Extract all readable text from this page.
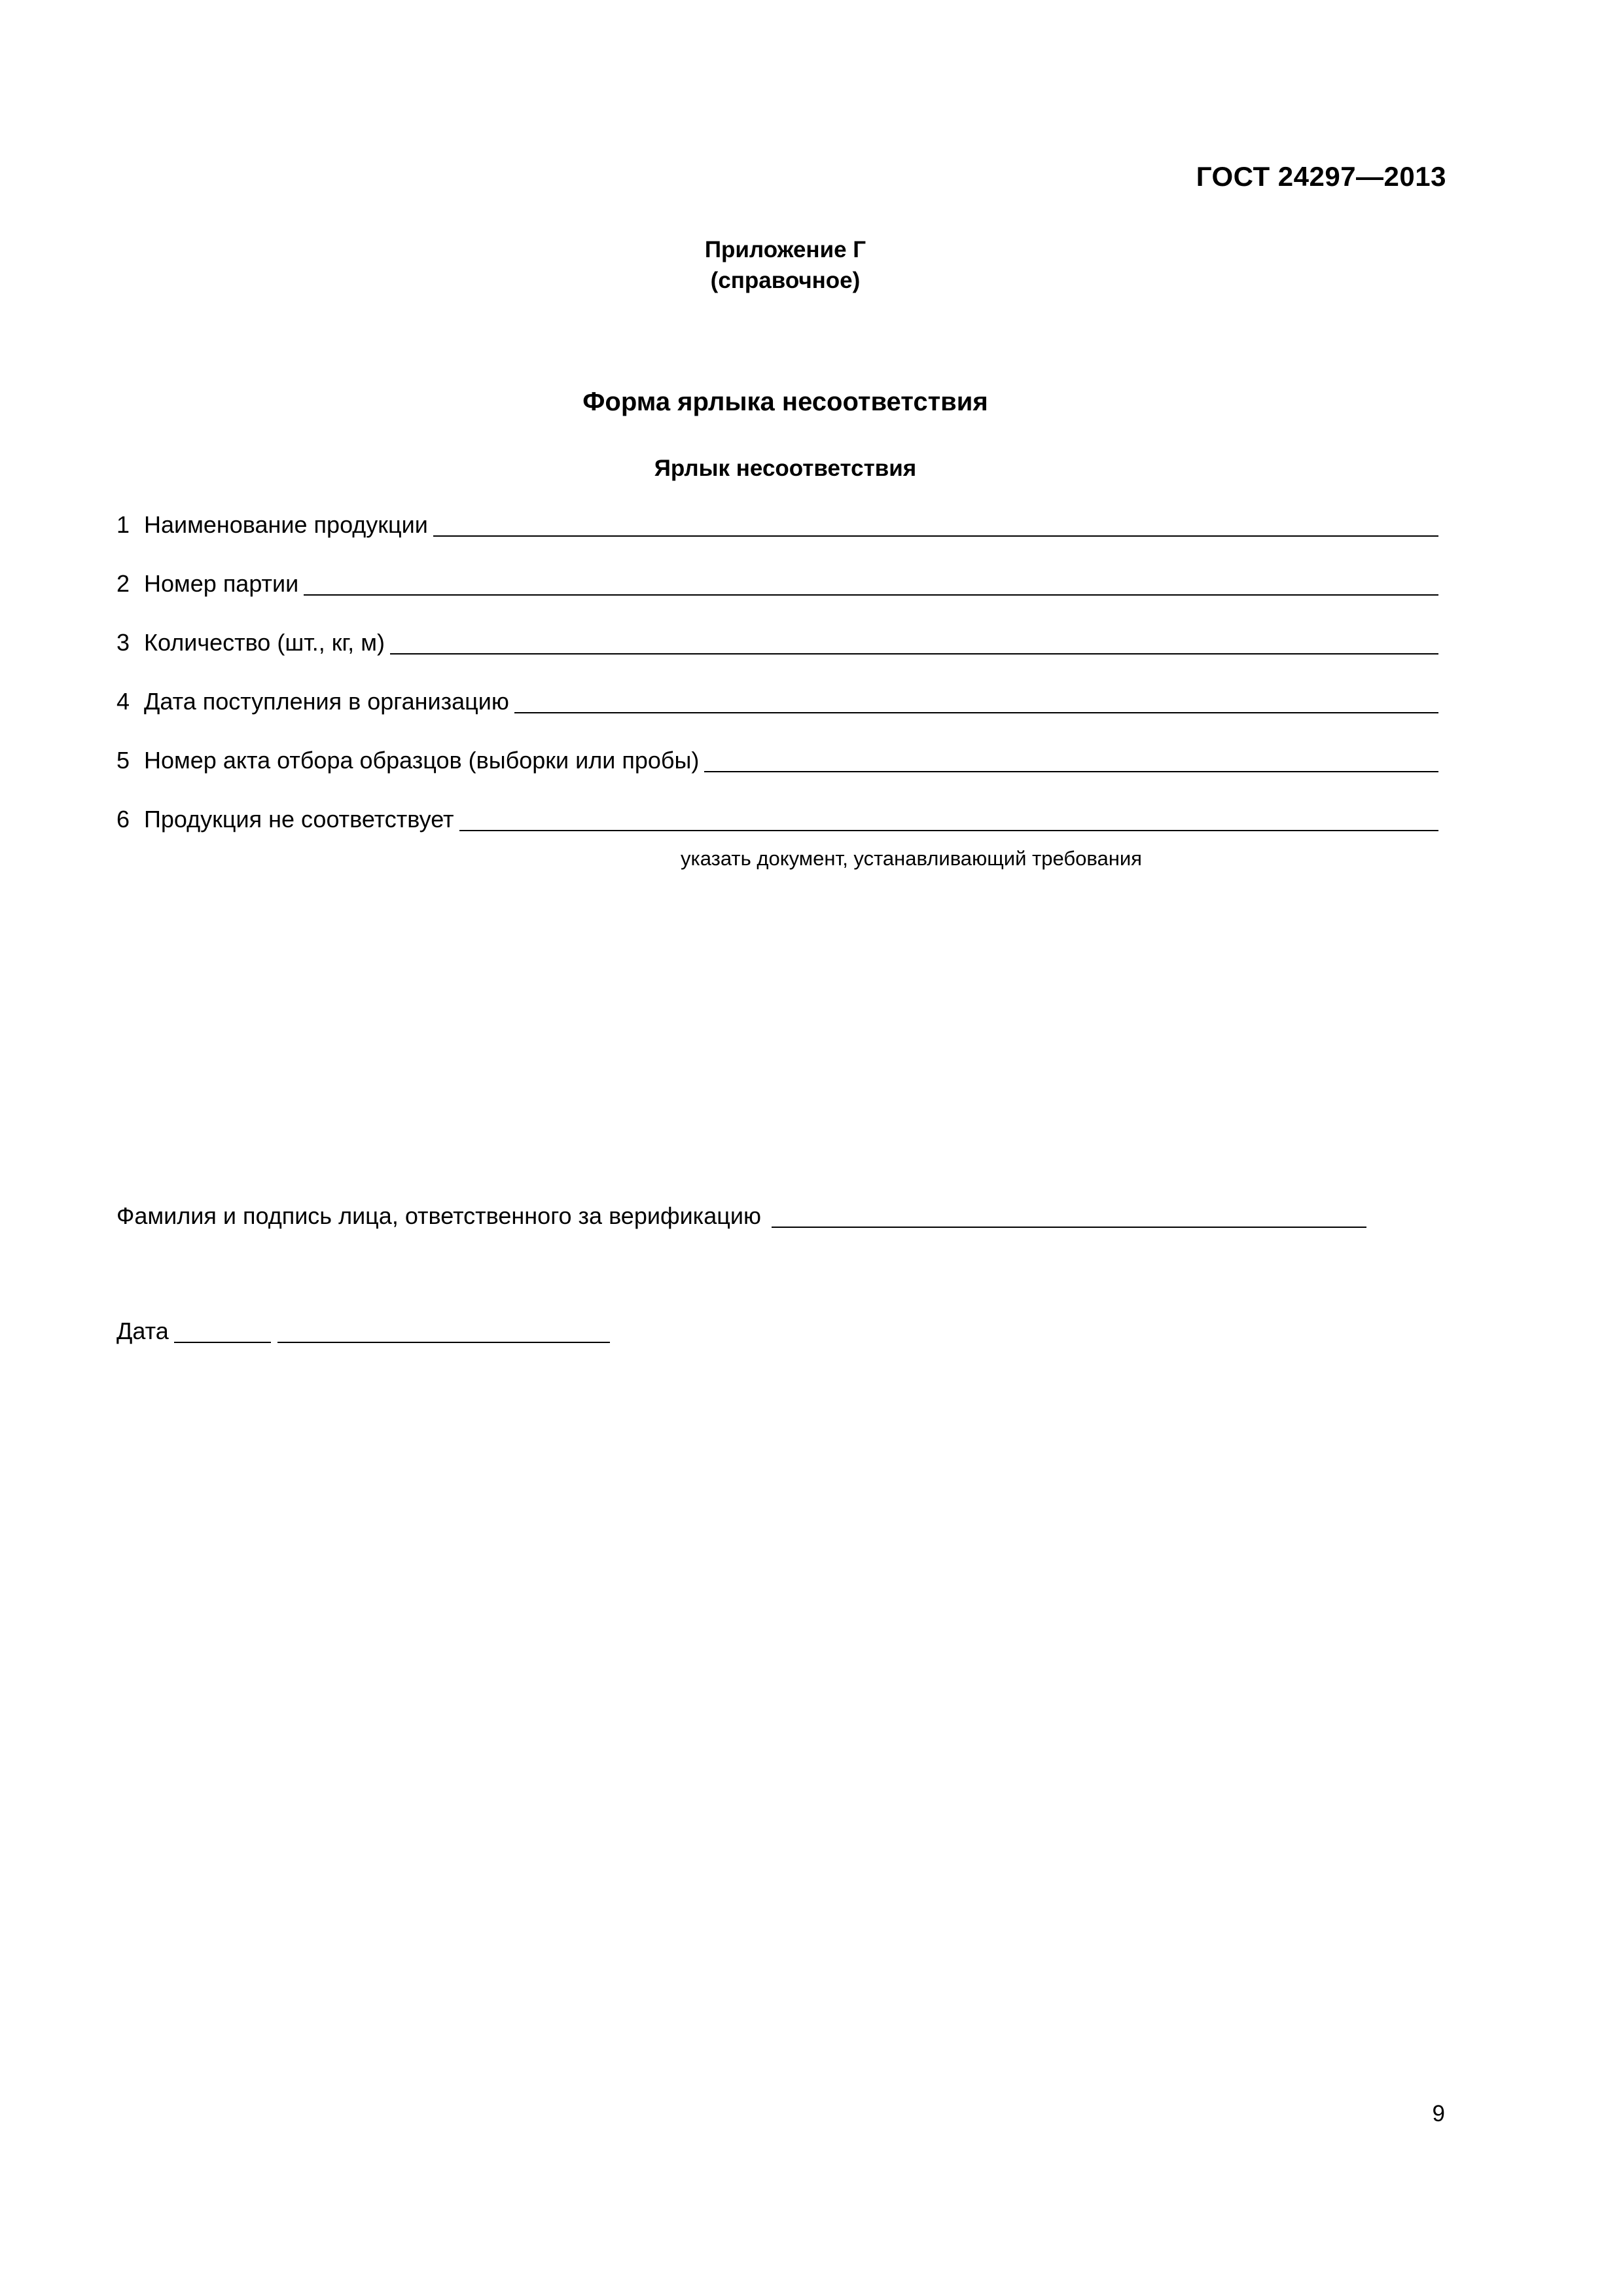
ГОСТ 24297—2013
Приложение Г
(справочное)
Форма ярлыка несоответствия
Ярлык несоответствия
1 Наименование продукции
2 Номер партии
3 Количество (шт., кг, м)
4 Дата поступления в организацию
5 Номер акта отбора образцов (выборки или пробы)
6 Продукция не соответствует
указать документ, устанавливающий требования
Фамилия и подпись лица, ответственного за верификацию
Дата
9
